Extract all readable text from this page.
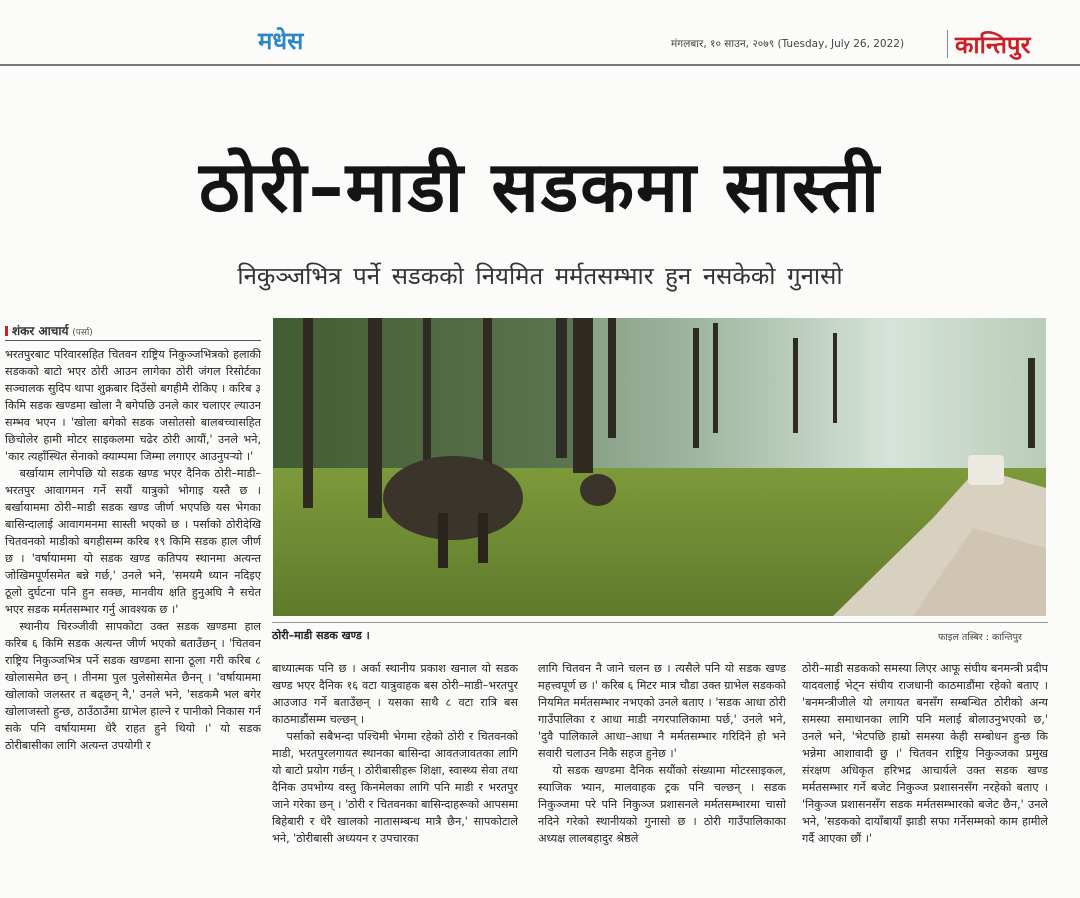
मधेस	मंगलबार, १० साउन, २०७९ (Tuesday, July 26, 2022) कान्तिपुर
ठोरी–माडी सडकमा सास्ती
निकुञ्जभित्र पर्ने सडकको नियमित मर्मतसम्भार हुन नसकेको गुनासो
शंकर आचार्य (पर्सा)

भरतपुरबाट परिवारसहित चितवन राष्ट्रिय निकुञ्जभित्रको हलाकी सडकको बाटो भएर ठोरी आउन लागेका ठोरी जंगल रिसोर्टका सञ्चालक सुदिप थापा शुक्रबार दिउँसो बगहीमै रोकिए । करिब ३ किमि सडक खण्डमा खोला नै बगेपछि उनले कार चलाएर ल्याउन सम्भव भएन । 'खोला बगेको सडक जसोतसो बालबच्चासहित छिचोलेर हामी मोटर साइकलमा चढेर ठोरी आयौं,' उनले भने, 'कार त्यहाँस्थित सेनाको क्याम्पमा जिम्मा लगाएर आउनुपर्‍यो ।'

बर्खायाम लागेपछि यो सडक खण्ड भएर दैनिक ठोरी–माडी–भरतपुर आवागमन गर्ने सयौं यात्रुको भोगाइ यस्तै छ । बर्खायाममा ठोरी–माडी सडक खण्ड जीर्ण भएपछि यस भेगका बासिन्दालाई आवागमनमा सास्ती भएको छ । पर्साको ठोरीदेखि चितवनको माडीको बगहीसम्म करिब १९ किमि सडक हाल जीर्ण छ । 'वर्षायाममा यो सडक खण्ड कतिपय स्थानमा अत्यन्त जोखिमपूर्णसमेत बन्ने गर्छ,' उनले भने, 'समयमै ध्यान नदिइए ठूलो दुर्घटना पनि हुन सक्छ, मानवीय क्षति हुनुअघि नै सचेत भएर सडक मर्मतसम्भार गर्नु आवश्यक छ ।'

स्थानीय चिरञ्जीवी सापकोटा उक्त सडक खण्डमा हाल करिब ६ किमि सडक अत्यन्त जीर्ण भएको बताउँछन् । 'चितवन राष्ट्रिय निकुञ्जभित्र पर्ने सडक खण्डमा साना ठूला गरी करिब ८ खोलासमेत छन् । तीनमा पुल पुलेसोसमेत छैनन् । 'वर्षायाममा खोलाको जलस्तर त बढ्छन् नै,' उनले भने, 'सडकमै भल बगेर खोलाजस्तो हुन्छ, ठाउँठाउँमा ग्राभेल हाल्ने र पानीको निकास गर्न सके पनि वर्षायाममा धेरै राहत हुने थियो ।' यो सडक ठोरीबासीका लागि अत्यन्त उपयोगी र

ठोरी–माडी सडक खण्ड ।	फाइल तस्बिर : कान्तिपुर

बाध्यात्मक पनि छ । अर्का स्थानीय प्रकाश खनाल यो सडक खण्ड भएर दैनिक १६ वटा यात्रुवाहक बस ठोरी–माडी–भरतपुर आउजाउ गर्ने बताउँछन् । यसका साथै ८ वटा रात्रि बस काठमाडौंसम्म चल्छन् ।

पर्साको सबैभन्दा पश्चिमी भेगमा रहेको ठोरी र चितवनको माडी, भरतपुरलगायत स्थानका बासिन्दा आवतजावतका लागि यो बाटो प्रयोग गर्छन् । ठोरीबासीहरू शिक्षा, स्वास्थ्य सेवा तथा दैनिक उपभोग्य वस्तु किनमेलका लागि पनि माडी र भरतपुर जाने गरेका छन् । 'ठोरी र चितवनका बासिन्दाहरूको आपसमा बिहेबारी र धेरै खालको नातासम्बन्ध मात्रै छैन,' सापकोटाले भने, 'ठोरीबासी अध्ययन र उपचारका

लागि चितवन नै जाने चलन छ । त्यसैले पनि यो सडक खण्ड महत्त्वपूर्ण छ ।' करिब ६ मिटर मात्र चौडा उक्त ग्राभेल सडकको नियमित मर्मतसम्भार नभएको उनले बताए । 'सडक आधा ठोरी गाउँपालिका र आधा माडी नगरपालिकामा पर्छ,' उनले भने, 'दुवै पालिकाले आधा–आधा नै मर्मतसम्भार गरिदिने हो भने सवारी चलाउन निकै सहज हुनेछ ।'

यो सडक खण्डमा दैनिक सयौंको संख्यामा मोटरसाइकल, स्याजिक भ्यान, मालवाहक ट्रक पनि चल्छन् । सडक निकुञ्जमा परे पनि निकुञ्ज प्रशासनले मर्मतसम्भारमा चासो नदिने गरेको स्थानीयको गुनासो छ । ठोरी गाउँपालिकाका अध्यक्ष लालबहादुर श्रेष्ठले

ठोरी–माडी सडकको समस्या लिएर आफू संघीय बनमन्त्री प्रदीप यादवलाई भेट्न संघीय राजधानी काठमाडौंमा रहेको बताए । 'बनमन्त्रीजीले यो लगायत बनसँग सम्बन्धित ठोरीको अन्य समस्या समाधानका लागि पनि मलाई बोलाउनुभएको छ,' उनले भने, 'भेटपछि हाम्रो समस्या केही सम्बोधन हुन्छ कि भन्नेमा आशावादी छु ।' चितवन राष्ट्रिय निकुञ्जका प्रमुख संरक्षण अधिकृत हरिभद्र आचार्यले उक्त सडक खण्ड मर्मतसम्भार गर्ने बजेट निकुञ्ज प्रशासनसँग नरहेको बताए । 'निकुञ्ज प्रशासनसँग सडक मर्मतसम्भारको बजेट छैन,' उनले भने, 'सडकको दायाँबायाँ झाडी सफा गर्नेसम्मको काम हामीले गर्दै आएका छौं ।'
